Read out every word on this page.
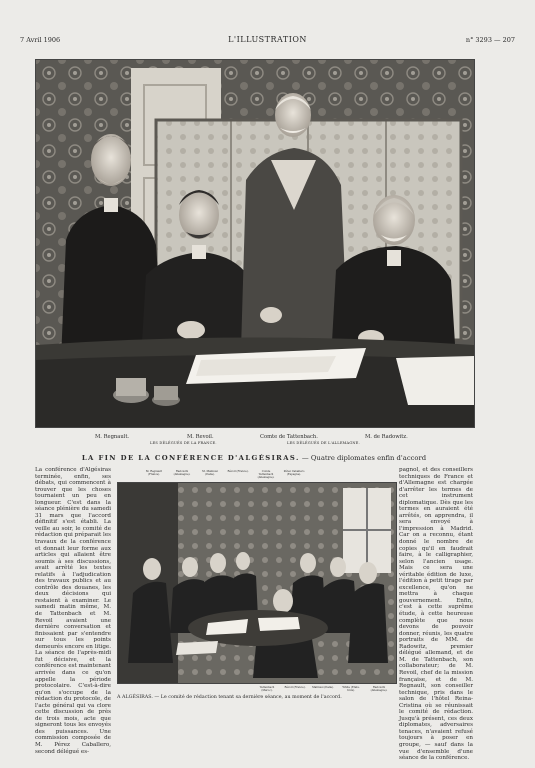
7 Avril 1906	L'ILLUSTRATION	n° 3293 — 207
M. Regnault.	M. Revoil.	Comte de Tattenbach.	M. de Radowitz.
LES DÉLÉGUÉS DE LA FRANCE.	LES DÉLÉGUÉS DE L'ALLEMAGNE.
LA FIN DE LA CONFÉRENCE D'ALGÉSIRAS. — Quatre diplomates enfin d'accord
La conférence d'Algésiras terminée, enfin, ses débats, qui commencent à trouver que les choses tournaient un peu en longueur. C'est dans la séance plénière du samedi 31 mars que l'accord définitif s'est établi. La veille au soir, le comité de rédaction qui préparait les travaux de la conférence et donnait leur forme aux articles qui allaient être soumis à ses discussions, avait arrêté les textes relatifs à l'adjudication des travaux publics et au contrôle des douanes, les deux décisions qui restaient à examiner. Le samedi matin même, M. de Tattenbach et M. Revoil avaient une dernière conversation et finissaient par s'entendre sur tous les points demeurés encore en litige. La séance de l'après-midi fut décisive, et la conférence est maintenant arrivée dans ce qu'on appelle la période protocolaire. C'est-à-dire qu'on s'occupe de la rédaction du protocole, de l'acte général qui va clore cette discussion de près de trois mois, acte que signeront tous les envoyés des puissances. Une commission composée de M. Pérez Caballero, second délégué es-
pagnol, et des conseillers techniques de France et d'Allemagne est chargée d'arrêter les termes de cet instrument diplomatique. Dès que les termes en auraient été arrêtés, on apprendra, il sera envoyé à l'impression à Madrid. Car on a reconnu, étant donné le nombre de copies qu'il en faudrait faire, à le calligraphier, selon l'ancien usage. Mais ce sera une véritable édition de luxe, l'édition à petit tirage par excellence, qu'on ne mettra à chaque gouvernement. Enfin, c'est à cette suprême étude, à cette heureuse complète que nous devons de pouvoir donner, réunis, les quatre portraits de MM. de Radowitz, premier délégué allemand, et de M. de Tattenbach, son collaborateur; de M. Revoil, chef de la mission française, et de M. Regnault, son conseiller technique, pris dans le salon de l'hôtel Reina-Cristina où se réunissait le comité de rédaction. Jusqu'à présent, ces deux diplomates, adversaires tenaces, n'avaient refusé toujours à poser en groupe, — sauf dans la vue d'ensemble d'une séance de la conférence.
M. Regnault (France).
Radowitz (Allemagne).
M. Malmusi (Italie).
Révoil (France).	Comte Tattenbach (Allemagne).
Pérez Caballero (Espagne).
Tattenbach (Maroc).
Révoil (France).	Malmusi (Italie).	White (Etats-Unis).
Radowitz (Allemagne).
A ALGÉSIRAS. — Le comité de rédaction tenant sa dernière séance, au moment de l'accord.
